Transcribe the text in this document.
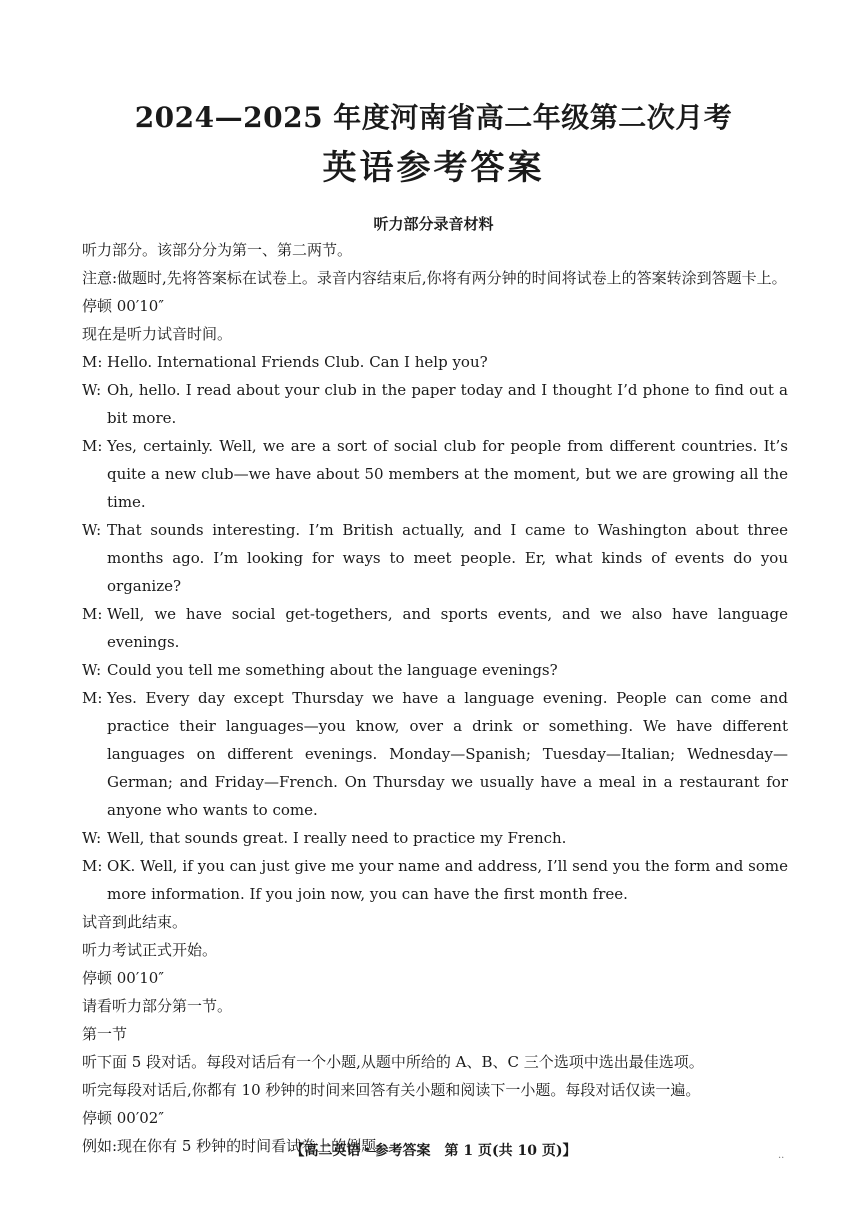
2024—2025 年度河南省高二年级第二次月考
英语参考答案
听力部分录音材料
听力部分。该部分分为第一、第二两节。
注意:做题时,先将答案标在试卷上。录音内容结束后,你将有两分钟的时间将试卷上的答案转涂到答题卡上。
停顿 00′10″
现在是听力试音时间。
M: Hello. International Friends Club. Can I help you?
W: Oh, hello. I read about your club in the paper today and I thought I’d phone to find out a bit more.
M: Yes, certainly. Well, we are a sort of social club for people from different countries. It’s quite a new club—we have about 50 members at the moment, but we are growing all the time.
W: That sounds interesting. I’m British actually, and I came to Washington about three months ago. I’m looking for ways to meet people. Er, what kinds of events do you organize?
M: Well, we have social get-togethers, and sports events, and we also have language evenings.
W: Could you tell me something about the language evenings?
M: Yes. Every day except Thursday we have a language evening. People can come and practice their languages—you know, over a drink or something. We have different languages on different evenings. Monday—Spanish; Tuesday—Italian; Wednesday—German; and Friday—French. On Thursday we usually have a meal in a restaurant for anyone who wants to come.
W: Well, that sounds great. I really need to practice my French.
M: OK. Well, if you can just give me your name and address, I’ll send you the form and some more information. If you join now, you can have the first month free.
试音到此结束。
听力考试正式开始。
停顿 00′10″
请看听力部分第一节。
第一节
听下面 5 段对话。每段对话后有一个小题,从题中所给的 A、B、C 三个选项中选出最佳选项。
听完每段对话后,你都有 10 秒钟的时间来回答有关小题和阅读下一小题。每段对话仅读一遍。
停顿 00′02″
例如:现在你有 5 秒钟的时间看试卷上的例题。
【高二英语・参考答案　第 1 页(共 10 页)】	..
